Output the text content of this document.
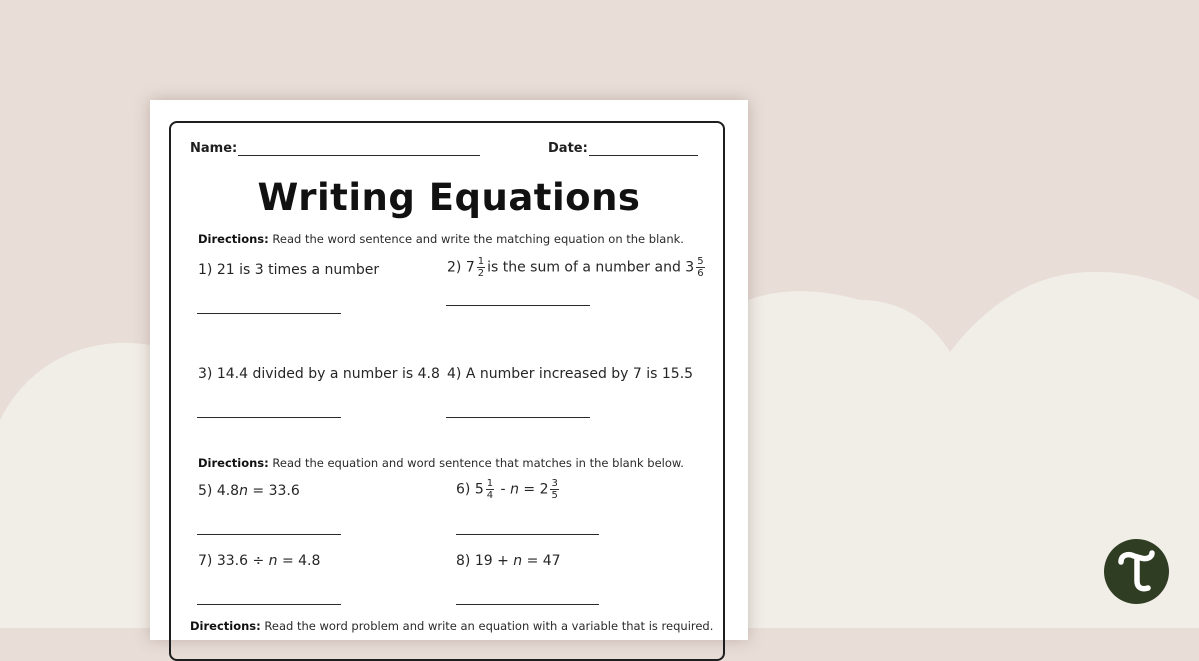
Name:	Date:
Writing Equations
Directions: Read the word sentence and write the matching equation on the blank.
1) 21 is 3 times a number	2) $7 \frac{1}{2}$ is the sum of a number and $3 \frac{5}{6}$
3) 14.4 divided by a number is 4.8 4) A number increased by 7 is 15.5
Directions: Read the equation and word sentence that matches in the blank below.
5) 4.8n = 33.6	6) $5 \frac{1}{4} - n = 2 \frac{3}{5}$
7) 33.6 ÷ n = 4.8	8) 19 + n = 47
Directions: Read the word problem and write an equation with a variable that is required.
